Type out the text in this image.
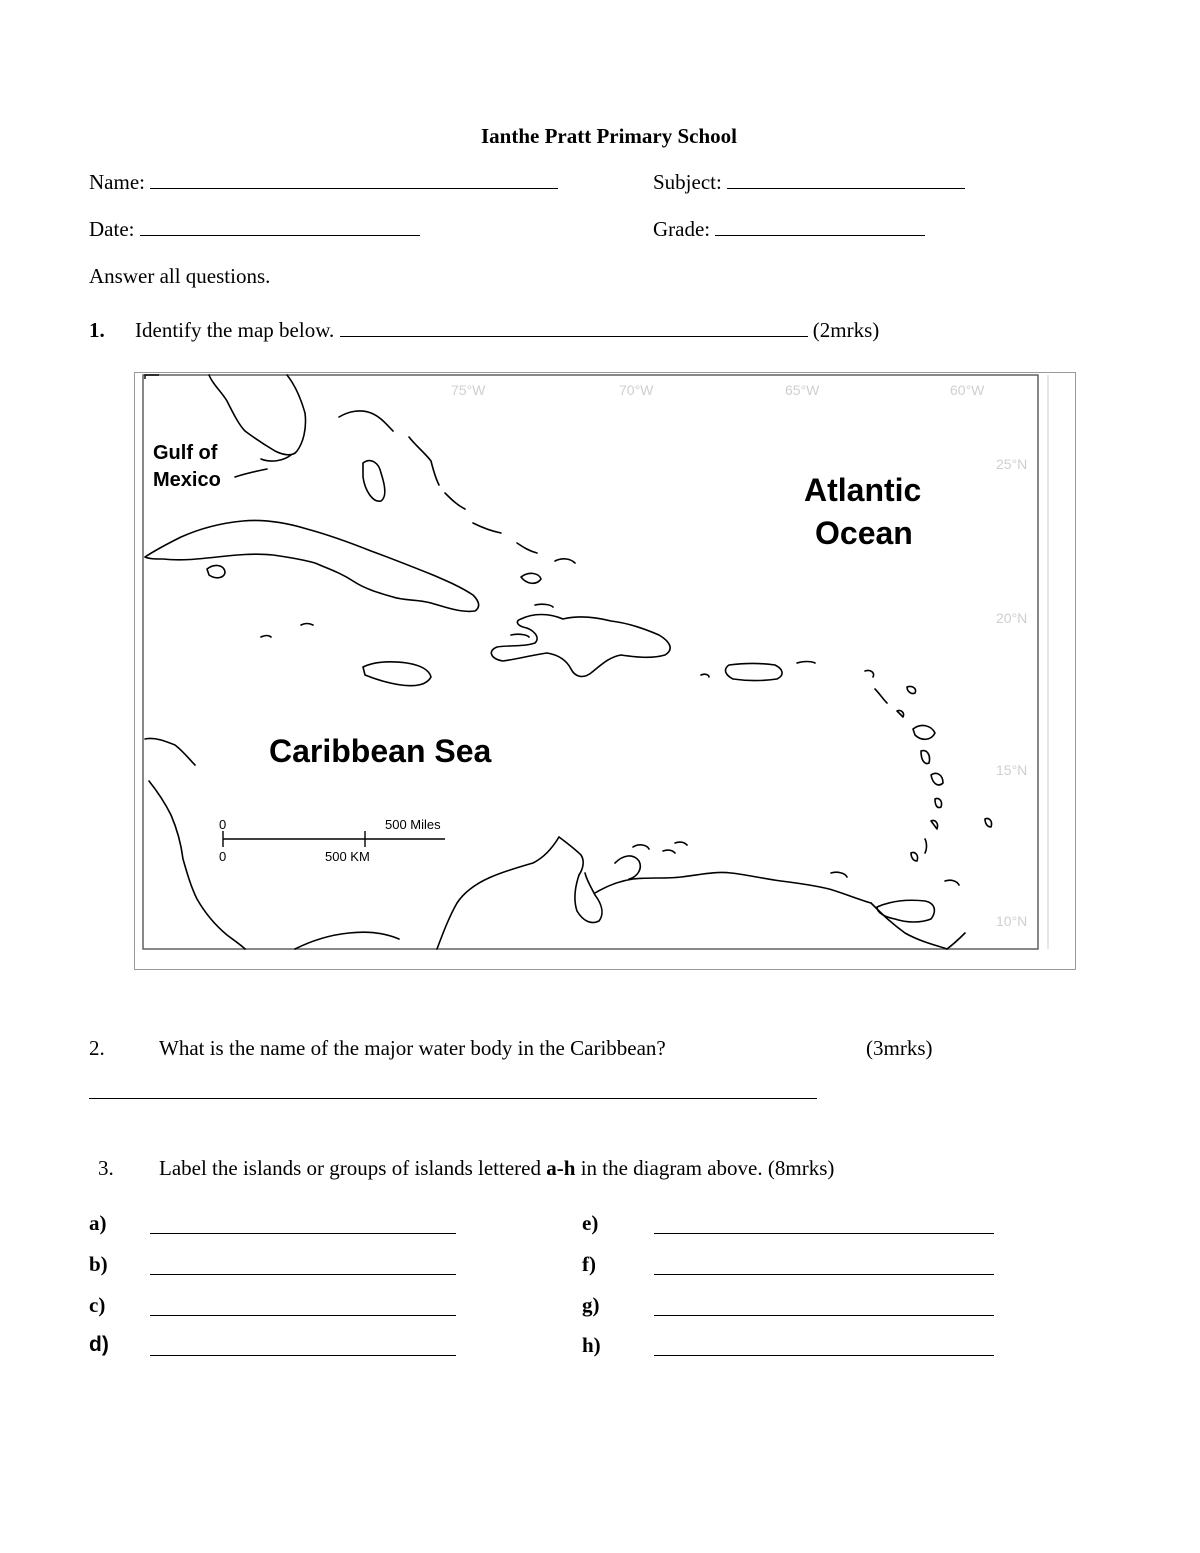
Ianthe Pratt Primary School
Name:	Subject:
Date:	Grade:
Answer all questions.
1. Identify the map below.	(2mrks)
75°W	70°W	65°W	60°W
25°N
20°N
15°N
10°N
0	500 Miles
0	500 KM
Gulf of
Mexico	Atlantic
Ocean
Caribbean Sea
2.	What is the name of the major water body in the Caribbean?	(3mrks)
3. Label the islands or groups of islands lettered a-h in the diagram above. (8mrks)
a)
b)
c)
d)
e)
f)
g)
h)
